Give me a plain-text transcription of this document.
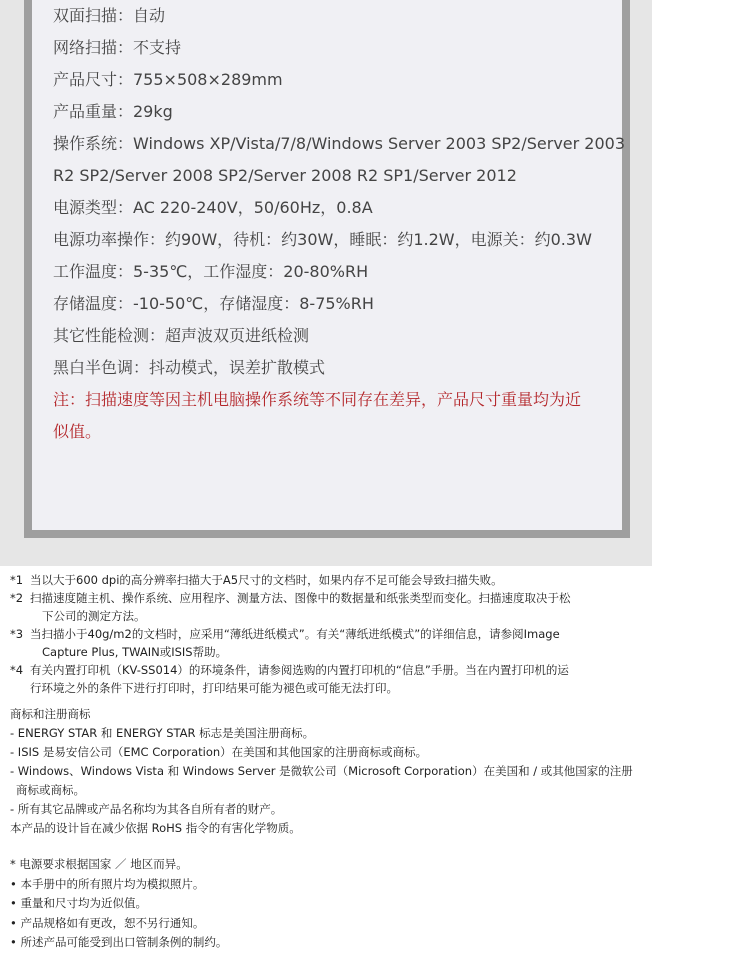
双面扫描：自动
网络扫描：不支持
产品尺寸：755×508×289mm
产品重量：29kg
操作系统：Windows XP/Vista/7/8/Windows Server 2003 SP2/Server 2003
R2 SP2/Server 2008 SP2/Server 2008 R2 SP1/Server 2012
电源类型：AC 220-240V，50/60Hz，0.8A
电源功率操作：约90W，待机：约30W，睡眠：约1.2W，电源关：约0.3W
工作温度：5-35℃，工作湿度：20-80%RH
存储温度：-10-50℃，存储湿度：8-75%RH
其它性能检测：超声波双页进纸检测
黑白半色调：抖动模式，误差扩散模式
注：扫描速度等因主机电脑操作系统等不同存在差异，产品尺寸重量均为近
似值。
*1 当以大于600 dpi的高分辨率扫描大于A5尺寸的文档时，如果内存不足可能会导致扫描失败。
*2 扫描速度随主机、操作系统、应用程序、测量方法、图像中的数据量和纸张类型而变化。扫描速度取决于松
下公司的测定方法。
*3 当扫描小于40g/m2的文档时，应采用“薄纸进纸模式”。有关“薄纸进纸模式”的详细信息，请参阅Image
Capture Plus, TWAIN或ISIS帮助。
*4 有关内置打印机（KV-SS014）的环境条件，请参阅选购的内置打印机的“信息”手册。当在内置打印机的运
行环境之外的条件下进行打印时，打印结果可能为褪色或可能无法打印。
商标和注册商标
- ENERGY STAR 和 ENERGY STAR 标志是美国注册商标。
- ISIS 是易安信公司（EMC Corporation）在美国和其他国家的注册商标或商标。
- Windows、Windows Vista 和 Windows Server 是微软公司（Microsoft Corporation）在美国和 / 或其他国家的注册
商标或商标。
- 所有其它品牌或产品名称均为其各自所有者的财产。
本产品的设计旨在减少依据 RoHS 指令的有害化学物质。
* 电源要求根据国家 ／ 地区而异。
• 本手册中的所有照片均为模拟照片。
• 重量和尺寸均为近似值。
• 产品规格如有更改，恕不另行通知。
• 所述产品可能受到出口管制条例的制约。
